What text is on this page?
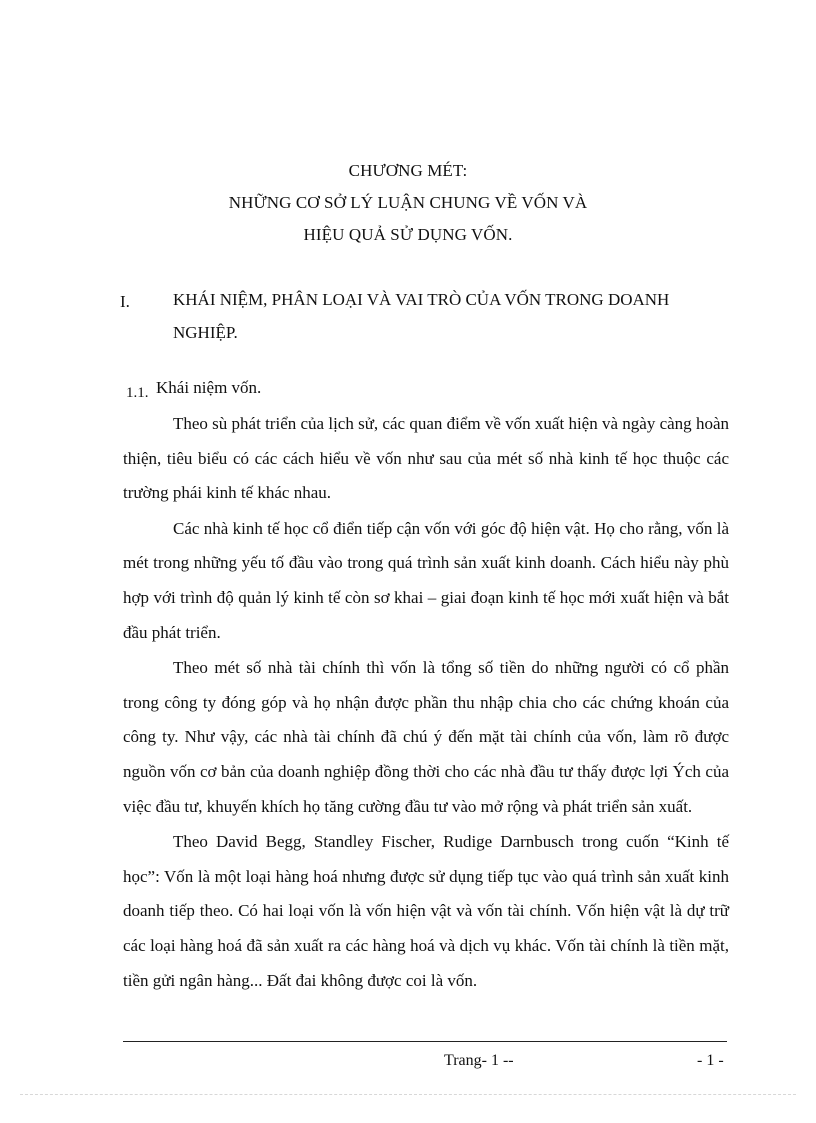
CHƯƠNG MÉT:
NHỮNG CƠ SỞ LÝ LUẬN CHUNG VỀ VỐN VÀ
HIỆU QUẢ SỬ DỤNG VỐN.
I.	KHÁI NIỆM, PHÂN LOẠI VÀ VAI TRÒ CỦA VỐN TRONG DOANH
NGHIỆP.
1.1. Khái niệm vốn.

Theo sù phát triển của lịch sử, các quan điểm về vốn xuất hiện và ngày càng hoàn thiện, tiêu biểu có các cách hiểu về vốn như sau của mét số nhà kinh tế học thuộc các trường phái kinh tế khác nhau.

Các nhà kinh tế học cổ điển tiếp cận vốn với góc độ hiện vật. Họ cho rằng, vốn là mét trong những yếu tố đầu vào trong quá trình sản xuất kinh doanh. Cách hiểu này phù hợp với trình độ quản lý kinh tế còn sơ khai – giai đoạn kinh tế học mới xuất hiện và bắt đầu phát triển.

Theo mét số nhà tài chính thì vốn là tổng số tiền do những người có cổ phần trong công ty đóng góp và họ nhận được phần thu nhập chia cho các chứng khoán của công ty. Như vậy, các nhà tài chính đã chú ý đến mặt tài chính của vốn, làm rõ được nguồn vốn cơ bản của doanh nghiệp đồng thời cho các nhà đầu tư thấy được lợi Ých của việc đầu tư, khuyến khích họ tăng cường đầu tư vào mở rộng và phát triển sản xuất.

Theo David Begg, Standley Fischer, Rudige Darnbusch trong cuốn “Kinh tế học”: Vốn là một loại hàng hoá nhưng được sử dụng tiếp tục vào quá trình sản xuất kinh doanh tiếp theo. Có hai loại vốn là vốn hiện vật và vốn tài chính. Vốn hiện vật là dự trữ các loại hàng hoá đã sản xuất ra các hàng hoá và dịch vụ khác. Vốn tài chính là tiền mặt, tiền gửi ngân hàng... Đất đai không được coi là vốn.

Trang- 1 --	- 1 -
